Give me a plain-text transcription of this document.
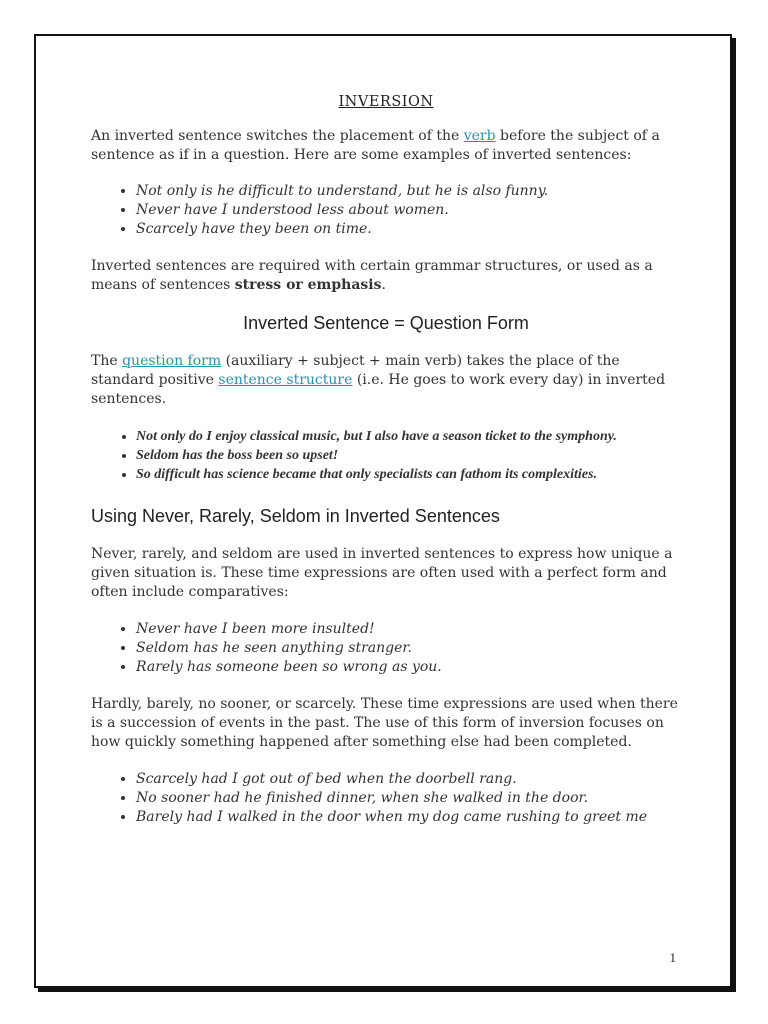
INVERSION

An inverted sentence switches the placement of the verb before the subject of a sentence as if in a question. Here are some examples of inverted sentences:

• Not only is he difficult to understand, but he is also funny.
• Never have I understood less about women.
• Scarcely have they been on time.

Inverted sentences are required with certain grammar structures, or used as a means of sentences stress or emphasis.

Inverted Sentence = Question Form

The question form (auxiliary + subject + main verb) takes the place of the standard positive sentence structure (i.e. He goes to work every day) in inverted sentences.

• Not only do I enjoy classical music, but I also have a season ticket to the symphony.
• Seldom has the boss been so upset!
• So difficult has science became that only specialists can fathom its complexities.
Using Never, Rarely, Seldom in Inverted Sentences

Never, rarely, and seldom are used in inverted sentences to express how unique a given situation is. These time expressions are often used with a perfect form and often include comparatives:

• Never have I been more insulted!
• Seldom has he seen anything stranger.
• Rarely has someone been so wrong as you.

Hardly, barely, no sooner, or scarcely. These time expressions are used when there is a succession of events in the past. The use of this form of inversion focuses on how quickly something happened after something else had been completed.

• Scarcely had I got out of bed when the doorbell rang.
• No sooner had he finished dinner, when she walked in the door.
• Barely had I walked in the door when my dog came rushing to greet me
1
